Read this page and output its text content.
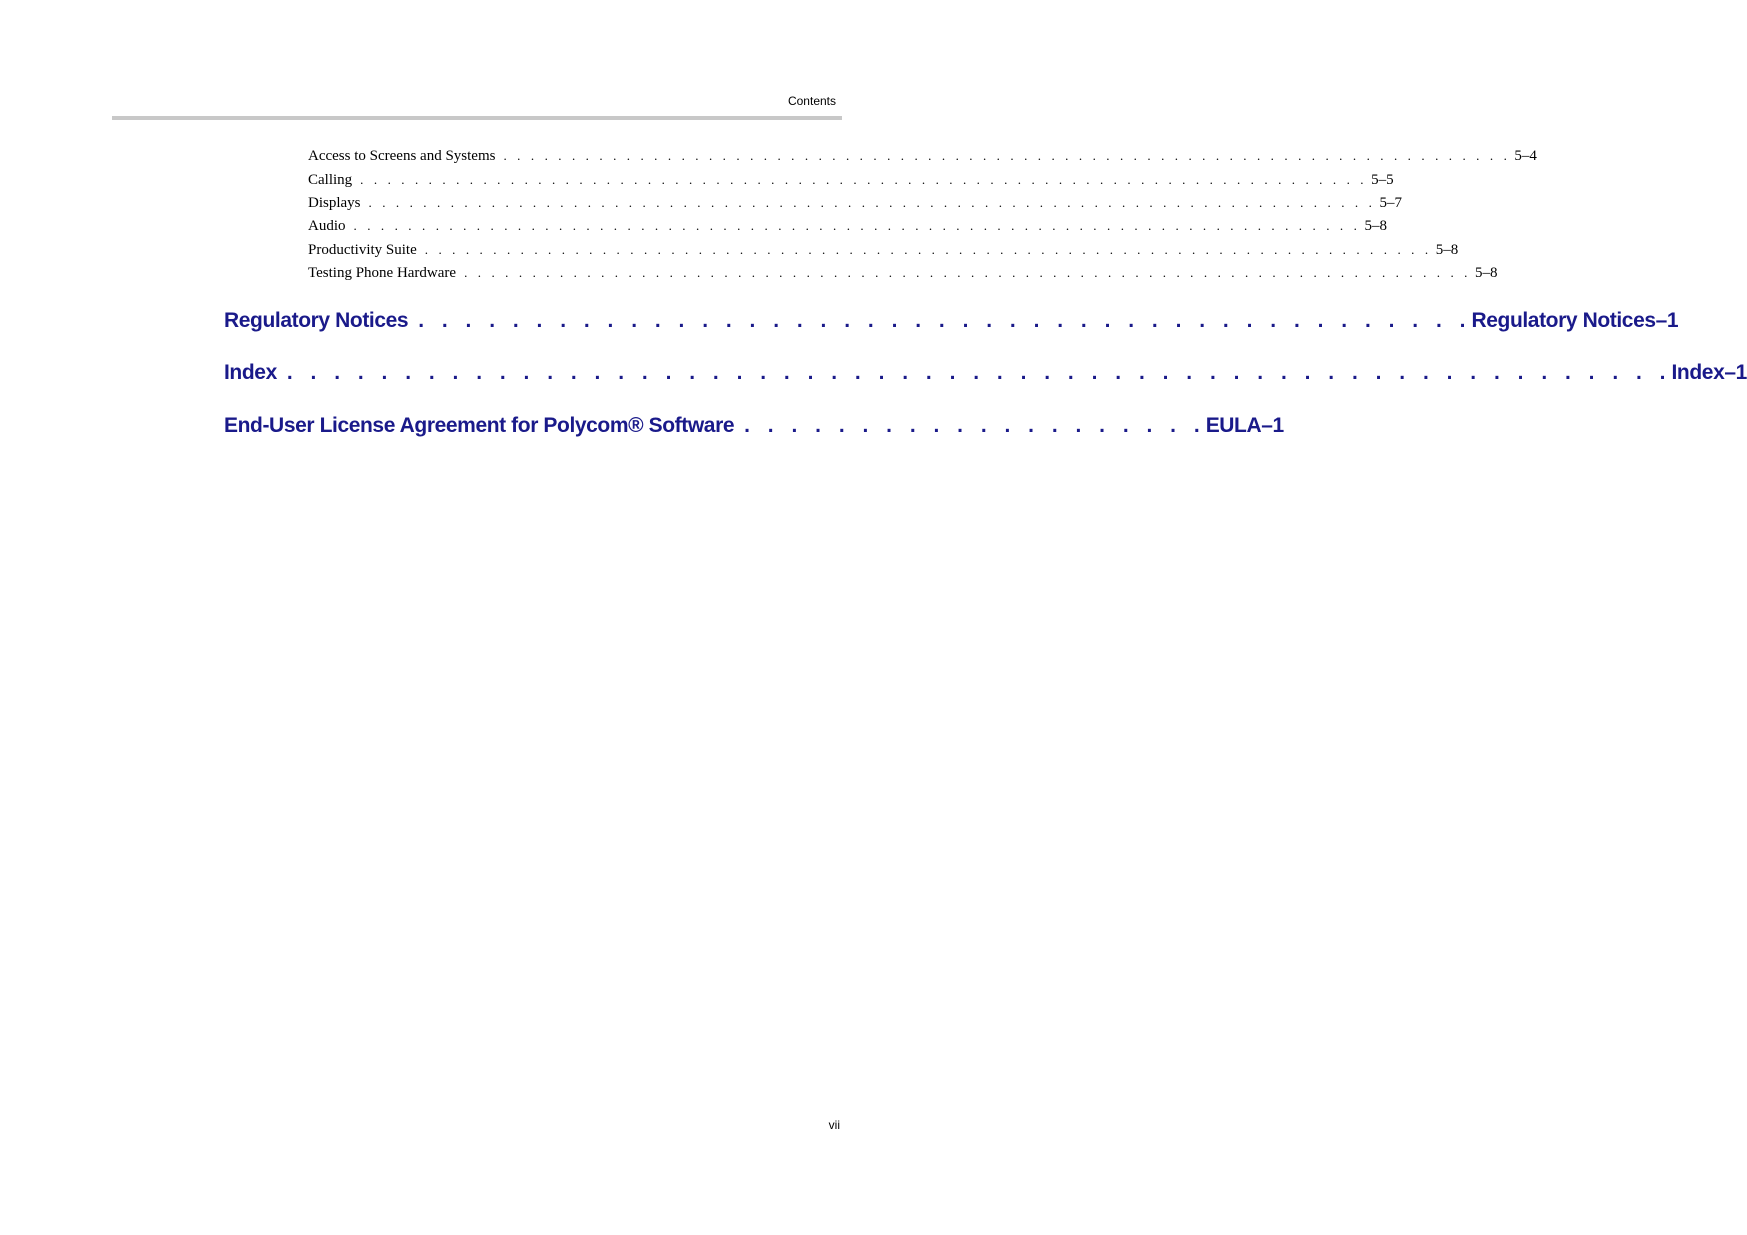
Contents
Access to Screens and Systems . . . . . . . . . . . . . . . . . . . . . . . . . . . . . . . . . . . . . . . . . . . . . . . . . . . . . . . . . . . . . . . . . . . . . . . . . . 5–4
Calling . . . . . . . . . . . . . . . . . . . . . . . . . . . . . . . . . . . . . . . . . . . . . . . . . . . . . . . . . . . . . . . . . . . . . . . . . . 5–5
Displays . . . . . . . . . . . . . . . . . . . . . . . . . . . . . . . . . . . . . . . . . . . . . . . . . . . . . . . . . . . . . . . . . . . . . . . . . . 5–7
Audio . . . . . . . . . . . . . . . . . . . . . . . . . . . . . . . . . . . . . . . . . . . . . . . . . . . . . . . . . . . . . . . . . . . . . . . . . . 5–8
Productivity Suite . . . . . . . . . . . . . . . . . . . . . . . . . . . . . . . . . . . . . . . . . . . . . . . . . . . . . . . . . . . . . . . . . . . . . . . . . . 5–8
Testing Phone Hardware . . . . . . . . . . . . . . . . . . . . . . . . . . . . . . . . . . . . . . . . . . . . . . . . . . . . . . . . . . . . . . . . . . . . . . . . . . 5–8
Regulatory Notices . . . . . . . . . . . . . . . . . . . . . . . . . . . . . . . . . . . . . . . . . . . . . Regulatory Notices–1
Index . . . . . . . . . . . . . . . . . . . . . . . . . . . . . . . . . . . . . . . . . . . . . . . . . . . . . . . . . . . Index–1
End-User License Agreement for Polycom® Software . . . . . . . . . . . . . . . . . . . . EULA–1
vii
